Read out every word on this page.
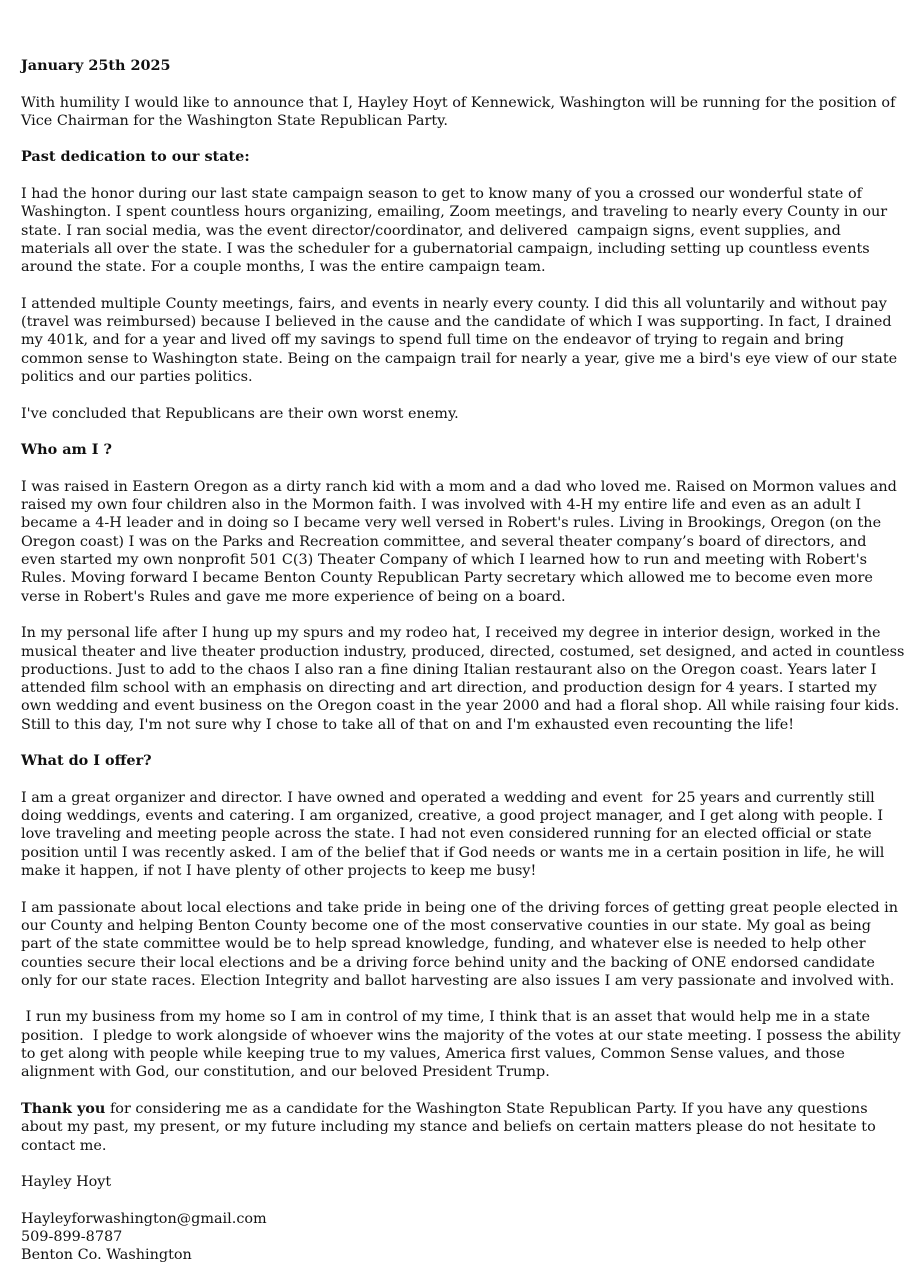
January 25th 2025

With humility I would like to announce that I, Hayley Hoyt of Kennewick, Washington will be running for the position of Vice Chairman for the Washington State Republican Party.

Past dedication to our state:

I had the honor during our last state campaign season to get to know many of you a crossed our wonderful state of Washington. I spent countless hours organizing, emailing, Zoom meetings, and traveling to nearly every County in our state. I ran social media, was the event director/coordinator, and delivered  campaign signs, event supplies, and materials all over the state. I was the scheduler for a gubernatorial campaign, including setting up countless events around the state. For a couple months, I was the entire campaign team.

I attended multiple County meetings, fairs, and events in nearly every county. I did this all voluntarily and without pay (travel was reimbursed) because I believed in the cause and the candidate of which I was supporting. In fact, I drained my 401k, and for a year and lived off my savings to spend full time on the endeavor of trying to regain and bring common sense to Washington state. Being on the campaign trail for nearly a year, give me a bird's eye view of our state politics and our parties politics.

I've concluded that Republicans are their own worst enemy.

Who am I ?

I was raised in Eastern Oregon as a dirty ranch kid with a mom and a dad who loved me. Raised on Mormon values and raised my own four children also in the Mormon faith. I was involved with 4-H my entire life and even as an adult I became a 4-H leader and in doing so I became very well versed in Robert's rules. Living in Brookings, Oregon (on the Oregon coast) I was on the Parks and Recreation committee, and several theater company’s board of directors, and even started my own nonprofit 501 C(3) Theater Company of which I learned how to run and meeting with Robert's Rules. Moving forward I became Benton County Republican Party secretary which allowed me to become even more verse in Robert's Rules and gave me more experience of being on a board.

In my personal life after I hung up my spurs and my rodeo hat, I received my degree in interior design, worked in the musical theater and live theater production industry, produced, directed, costumed, set designed, and acted in countless productions. Just to add to the chaos I also ran a fine dining Italian restaurant also on the Oregon coast. Years later I attended film school with an emphasis on directing and art direction, and production design for 4 years. I started my own wedding and event business on the Oregon coast in the year 2000 and had a floral shop. All while raising four kids. Still to this day, I'm not sure why I chose to take all of that on and I'm exhausted even recounting the life!

What do I offer?

I am a great organizer and director. I have owned and operated a wedding and event  for 25 years and currently still doing weddings, events and catering. I am organized, creative, a good project manager, and I get along with people. I love traveling and meeting people across the state. I had not even considered running for an elected official or state position until I was recently asked. I am of the belief that if God needs or wants me in a certain position in life, he will make it happen, if not I have plenty of other projects to keep me busy!

I am passionate about local elections and take pride in being one of the driving forces of getting great people elected in our County and helping Benton County become one of the most conservative counties in our state. My goal as being part of the state committee would be to help spread knowledge, funding, and whatever else is needed to help other counties secure their local elections and be a driving force behind unity and the backing of ONE endorsed candidate only for our state races. Election Integrity and ballot harvesting are also issues I am very passionate and involved with.

I run my business from my home so I am in control of my time, I think that is an asset that would help me in a state position.  I pledge to work alongside of whoever wins the majority of the votes at our state meeting. I possess the ability to get along with people while keeping true to my values, America first values, Common Sense values, and those alignment with God, our constitution, and our beloved President Trump.

Thank you for considering me as a candidate for the Washington State Republican Party. If you have any questions about my past, my present, or my future including my stance and beliefs on certain matters please do not hesitate to contact me.

Hayley Hoyt

Hayleyforwashington@gmail.com

509-899-8787

Benton Co. Washington
